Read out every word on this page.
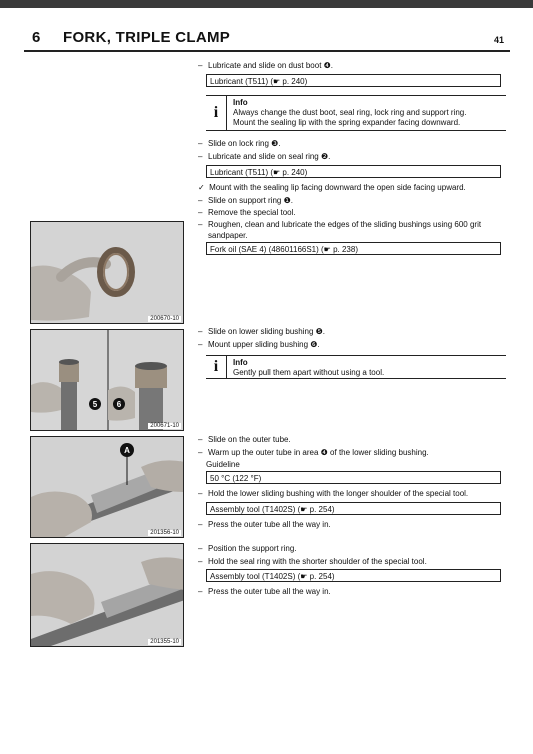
6 FORK, TRIPLE CLAMP	41
– Lubricate and slide on dust boot ❹.
Lubricant (T511) (☛ p. 240)
i
Info
Always change the dust boot, seal ring, lock ring and support ring.
Mount the sealing lip with the spring expander facing downward.
– Slide on lock ring ❸.
– Lubricate and slide on seal ring ❷.
Lubricant (T511) (☛ p. 240)
✓ Mount with the sealing lip facing downward the open side facing upward.
– Slide on support ring ❶.
– Remove the special tool.
– Roughen, clean and lubricate the edges of the sliding bushings using 600 grit sandpaper.
Fork oil (SAE 4) (48601166S1) (☛ p. 238)
– Slide on lower sliding bushing ❺.
– Mount upper sliding bushing ❻.
i	Info
Gently pull them apart without using a tool.
– Slide on the outer tube.
– Warm up the outer tube in area ❹ of the lower sliding bushing.
Guideline
50 °C (122 °F)
– Hold the lower sliding bushing with the longer shoulder of the special tool.
Assembly tool (T1402S) (☛ p. 254)
– Press the outer tube all the way in.
– Position the support ring.
– Hold the seal ring with the shorter shoulder of the special tool.
Assembly tool (T1402S) (☛ p. 254)
– Press the outer tube all the way in.
200670-10
5 6
200671-10
A
201356-10
201355-10
